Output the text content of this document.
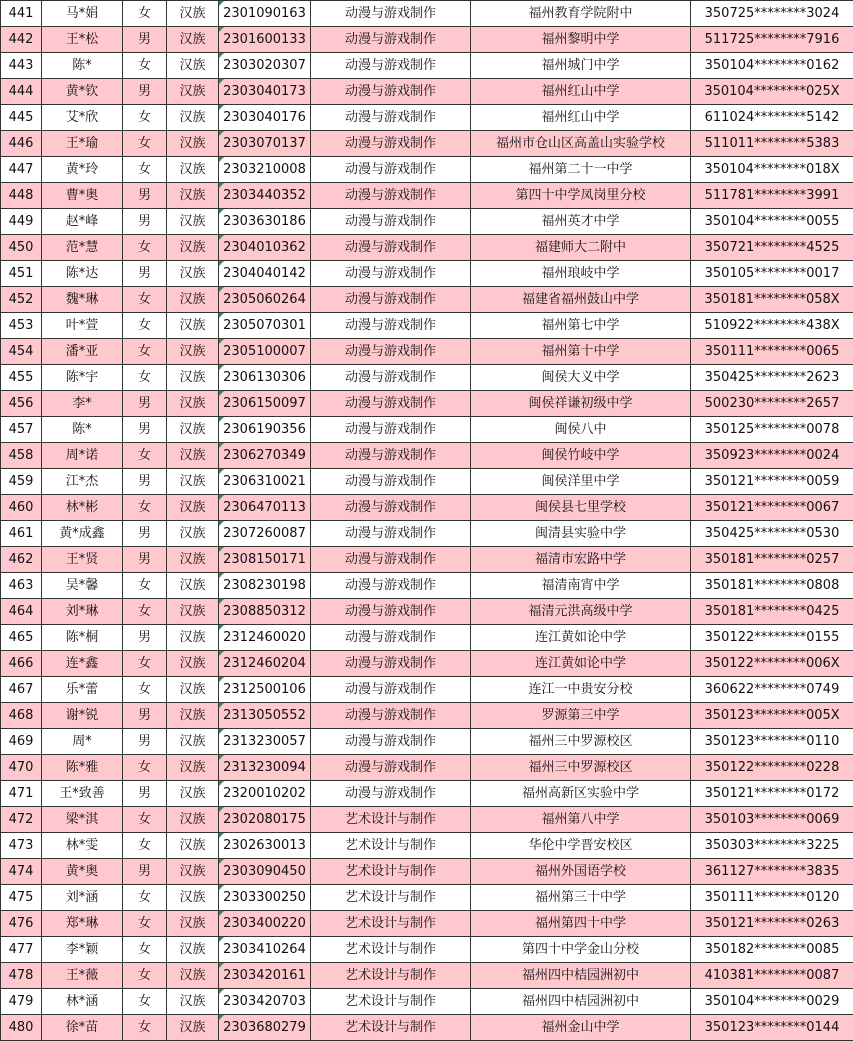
441	马*娟	女	汉族	2301090163	动漫与游戏制作	福州教育学院附中	350725********3024
442	王*松	男	汉族	2301600133	动漫与游戏制作	福州黎明中学	511725********7916
443	陈*	女	汉族	2303020307	动漫与游戏制作	福州城门中学	350104********0162
444	黄*钦	男	汉族	2303040173	动漫与游戏制作	福州红山中学	350104********025X
445	艾*欣	女	汉族	2303040176	动漫与游戏制作	福州红山中学	611024********5142
446	王*瑜	女	汉族	2303070137	动漫与游戏制作	福州市仓山区高盖山实验学校	511011********5383
447	黄*玲	女	汉族	2303210008	动漫与游戏制作	福州第二十一中学	350104********018X
448	曹*奥	男	汉族	2303440352	动漫与游戏制作	第四十中学凤岗里分校	511781********3991
449	赵*峰	男	汉族	2303630186	动漫与游戏制作	福州英才中学	350104********0055
450	范*慧	女	汉族	2304010362	动漫与游戏制作	福建师大二附中	350721********4525
451	陈*达	男	汉族	2304040142	动漫与游戏制作	福州琅岐中学	350105********0017
452	魏*琳	女	汉族	2305060264	动漫与游戏制作	福建省福州鼓山中学	350181********058X
453	叶*萱	女	汉族	2305070301	动漫与游戏制作	福州第七中学	510922********438X
454	潘*亚	女	汉族	2305100007	动漫与游戏制作	福州第十中学	350111********0065
455	陈*宇	女	汉族	2306130306	动漫与游戏制作	闽侯大义中学	350425********2623
456	李*	男	汉族	2306150097	动漫与游戏制作	闽侯祥谦初级中学	500230********2657
457	陈*	男	汉族	2306190356	动漫与游戏制作	闽侯八中	350125********0078
458	周*诺	女	汉族	2306270349	动漫与游戏制作	闽侯竹岐中学	350923********0024
459	江*杰	男	汉族	2306310021	动漫与游戏制作	闽侯洋里中学	350121********0059
460	林*彬	女	汉族	2306470113	动漫与游戏制作	闽侯县七里学校	350121********0067
461	黄*成鑫	男	汉族	2307260087	动漫与游戏制作	闽清县实验中学	350425********0530
462	王*贤	男	汉族	2308150171	动漫与游戏制作	福清市宏路中学	350181********0257
463	吴*馨	女	汉族	2308230198	动漫与游戏制作	福清南宵中学	350181********0808
464	刘*琳	女	汉族	2308850312	动漫与游戏制作	福清元洪高级中学	350181********0425
465	陈*桐	男	汉族	2312460020	动漫与游戏制作	连江黄如论中学	350122********0155
466	连*鑫	女	汉族	2312460204	动漫与游戏制作	连江黄如论中学	350122********006X
467	乐*蕾	女	汉族	2312500106	动漫与游戏制作	连江一中贵安分校	360622********0749
468	谢*锐	男	汉族	2313050552	动漫与游戏制作	罗源第三中学	350123********005X
469	周*	男	汉族	2313230057	动漫与游戏制作	福州三中罗源校区	350123********0110
470	陈*雅	女	汉族	2313230094	动漫与游戏制作	福州三中罗源校区	350122********0228
471	王*致善	男	汉族	2320010202	动漫与游戏制作	福州高新区实验中学	350121********0172
472	梁*淇	女	汉族	2302080175	艺术设计与制作	福州第八中学	350103********0069
473	林*雯	女	汉族	2302630013	艺术设计与制作	华伦中学晋安校区	350303********3225
474	黄*奥	男	汉族	2303090450	艺术设计与制作	福州外国语学校	361127********3835
475	刘*涵	女	汉族	2303300250	艺术设计与制作	福州第三十中学	350111********0120
476	郑*琳	女	汉族	2303400220	艺术设计与制作	福州第四十中学	350121********0263
477	李*颖	女	汉族	2303410264	艺术设计与制作	第四十中学金山分校	350182********0085
478	王*薇	女	汉族	2303420161	艺术设计与制作	福州四中桔园洲初中	410381********0087
479	林*涵	女	汉族	2303420703	艺术设计与制作	福州四中桔园洲初中	350104********0029
480	徐*苗	女	汉族	2303680279	艺术设计与制作	福州金山中学	350123********0144
